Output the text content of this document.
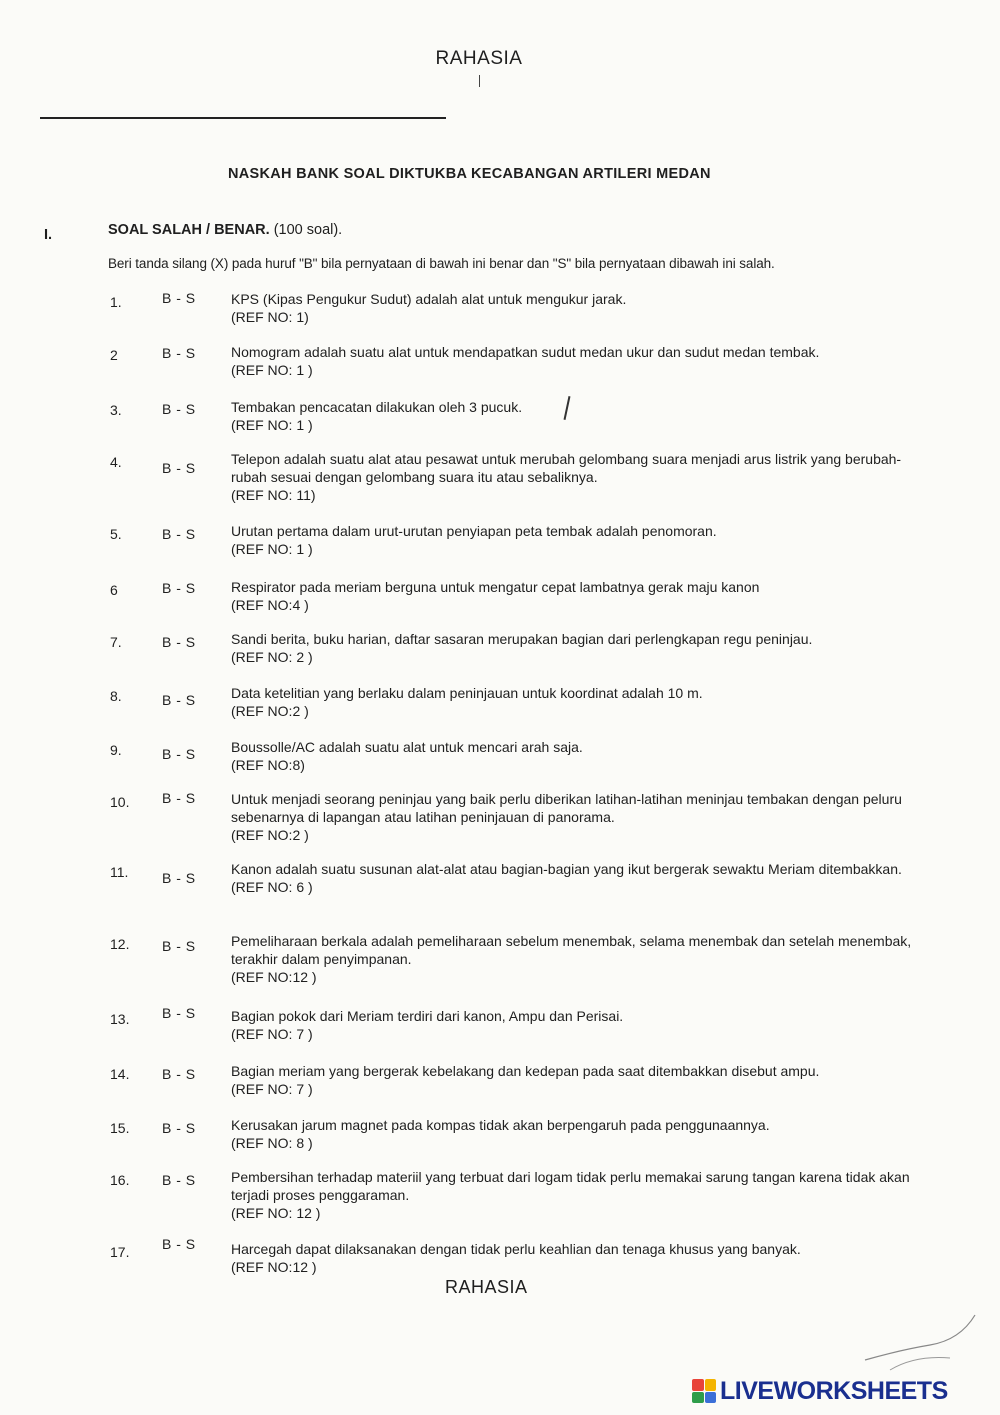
RAHASIA
NASKAH BANK SOAL DIKTUKBA KECABANGAN ARTILERI MEDAN
I.	SOAL SALAH / BENAR. (100 soal).
Beri tanda silang (X) pada huruf "B" bila pernyataan di bawah ini benar dan "S" bila pernyataan dibawah ini salah.
1.	B - S	KPS (Kipas Pengukur Sudut) adalah alat untuk mengukur jarak.
(REF NO: 1)
2	B - S	Nomogram adalah suatu alat untuk mendapatkan sudut medan ukur dan sudut medan tembak.
(REF NO: 1 )
3.	B - S	Tembakan pencacatan dilakukan oleh 3 pucuk.
(REF NO: 1 )
4.	B - S
Telepon adalah suatu alat atau pesawat untuk merubah gelombang suara menjadi arus listrik yang berubah-rubah sesuai dengan gelombang suara itu atau sebaliknya.
(REF NO: 11)
5.	B - S	Urutan pertama dalam urut-urutan penyiapan peta tembak adalah penomoran.
(REF NO: 1 )
6	B - S	Respirator pada meriam berguna untuk mengatur cepat lambatnya gerak maju kanon
(REF NO:4 )
7.	B - S	Sandi berita, buku harian, daftar sasaran merupakan bagian dari perlengkapan regu peninjau.
(REF NO: 2 )
8.	B - S	Data ketelitian yang berlaku dalam peninjauan untuk koordinat adalah 10 m.
(REF NO:2 )
9.	B - S	Boussolle/AC adalah suatu alat untuk mencari arah saja.
(REF NO:8)
10. B - S	Untuk menjadi seorang peninjau yang baik perlu diberikan latihan-latihan meninjau tembakan dengan peluru sebenarnya di lapangan atau latihan peninjauan di panorama.
(REF NO:2 )
11. B - S
Kanon adalah suatu susunan alat-alat atau bagian-bagian yang ikut bergerak sewaktu Meriam ditembakkan.
(REF NO: 6 )
12. B - S	Pemeliharaan berkala adalah pemeliharaan sebelum menembak, selama menembak dan setelah menembak, terakhir dalam penyimpanan.
(REF NO:12 )
13. B - S	Bagian pokok dari Meriam terdiri dari kanon, Ampu dan Perisai.
(REF NO: 7 )
14. B - S	Bagian meriam yang bergerak kebelakang dan kedepan pada saat ditembakkan disebut ampu.
(REF NO: 7 )
15. B - S	Kerusakan jarum magnet pada kompas tidak akan berpengaruh pada penggunaannya.
(REF NO: 8 )
16. B - S	Pembersihan terhadap materiil yang terbuat dari logam tidak perlu memakai sarung tangan karena tidak akan terjadi proses penggaraman.
(REF NO: 12 )
17. B - S	Harcegah dapat dilaksanakan dengan tidak perlu keahlian dan tenaga khusus yang banyak.
(REF NO:12 )
RAHASIA
LIVEWORKSHEETS
